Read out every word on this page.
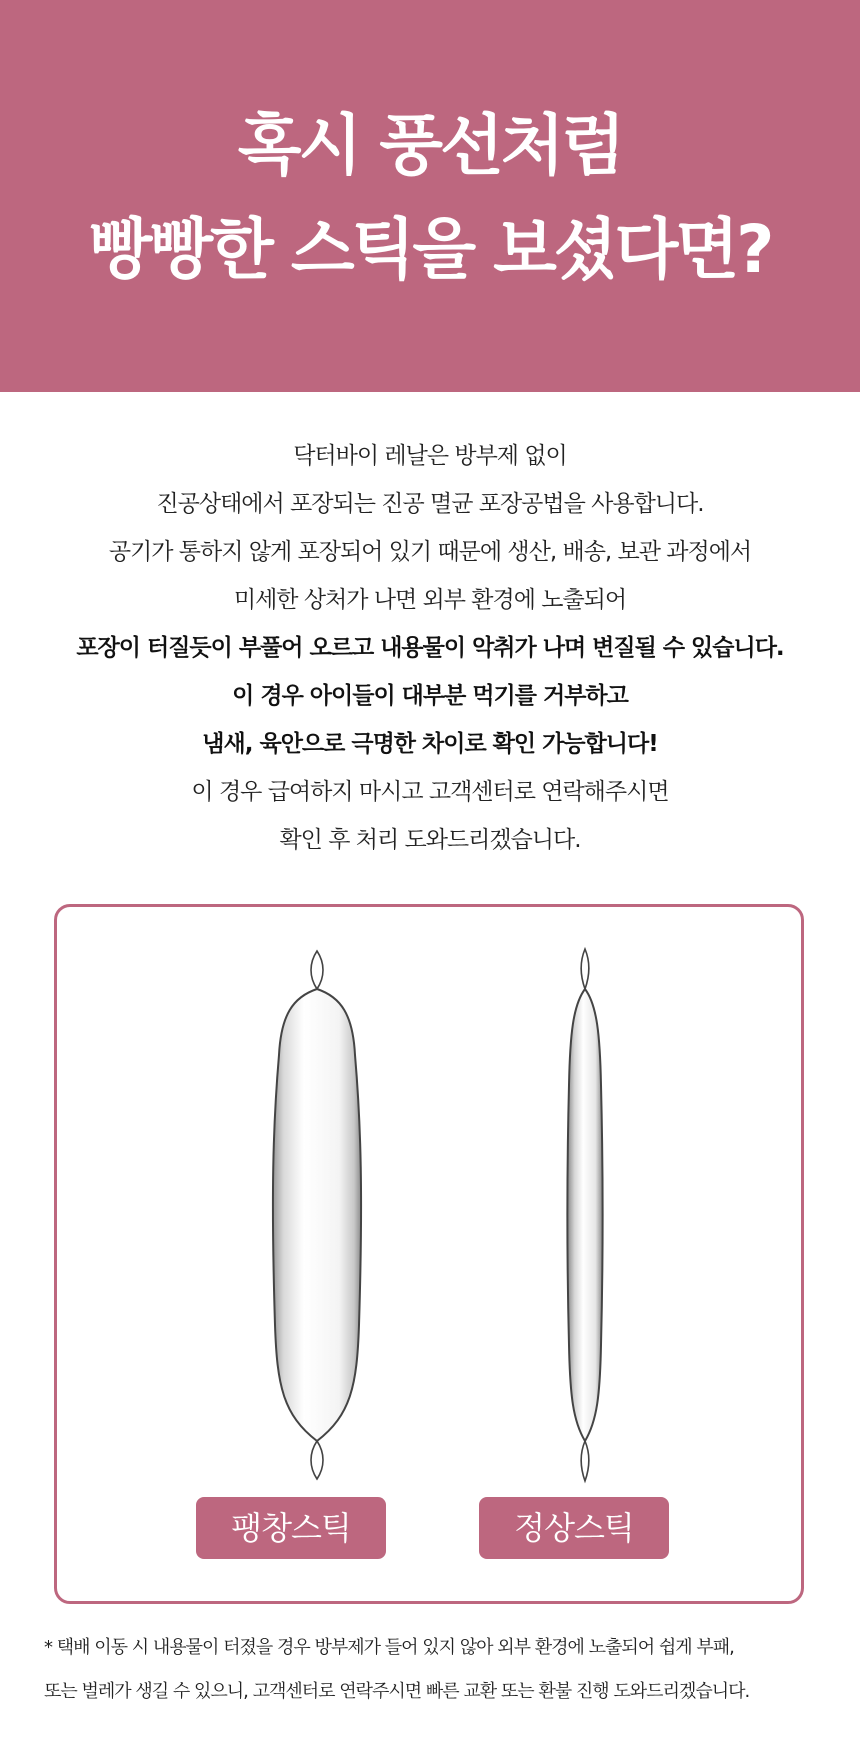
혹시 풍선처럼
빵빵한 스틱을 보셨다면?
닥터바이 레날은 방부제 없이
진공상태에서 포장되는 진공 멸균 포장공법을 사용합니다.
공기가 통하지 않게 포장되어 있기 때문에 생산, 배송, 보관 과정에서
미세한 상처가 나면 외부 환경에 노출되어
포장이 터질듯이 부풀어 오르고 내용물이 악취가 나며 변질될 수 있습니다.
이 경우 아이들이 대부분 먹기를 거부하고
냄새, 육안으로 극명한 차이로 확인 가능합니다!
이 경우 급여하지 마시고 고객센터로 연락해주시면
확인 후 처리 도와드리겠습니다.
팽창스틱	정상스틱
* 택배 이동 시 내용물이 터졌을 경우 방부제가 들어 있지 않아 외부 환경에 노출되어 쉽게 부패,
또는 벌레가 생길 수 있으니, 고객센터로 연락주시면 빠른 교환 또는 환불 진행 도와드리겠습니다.
